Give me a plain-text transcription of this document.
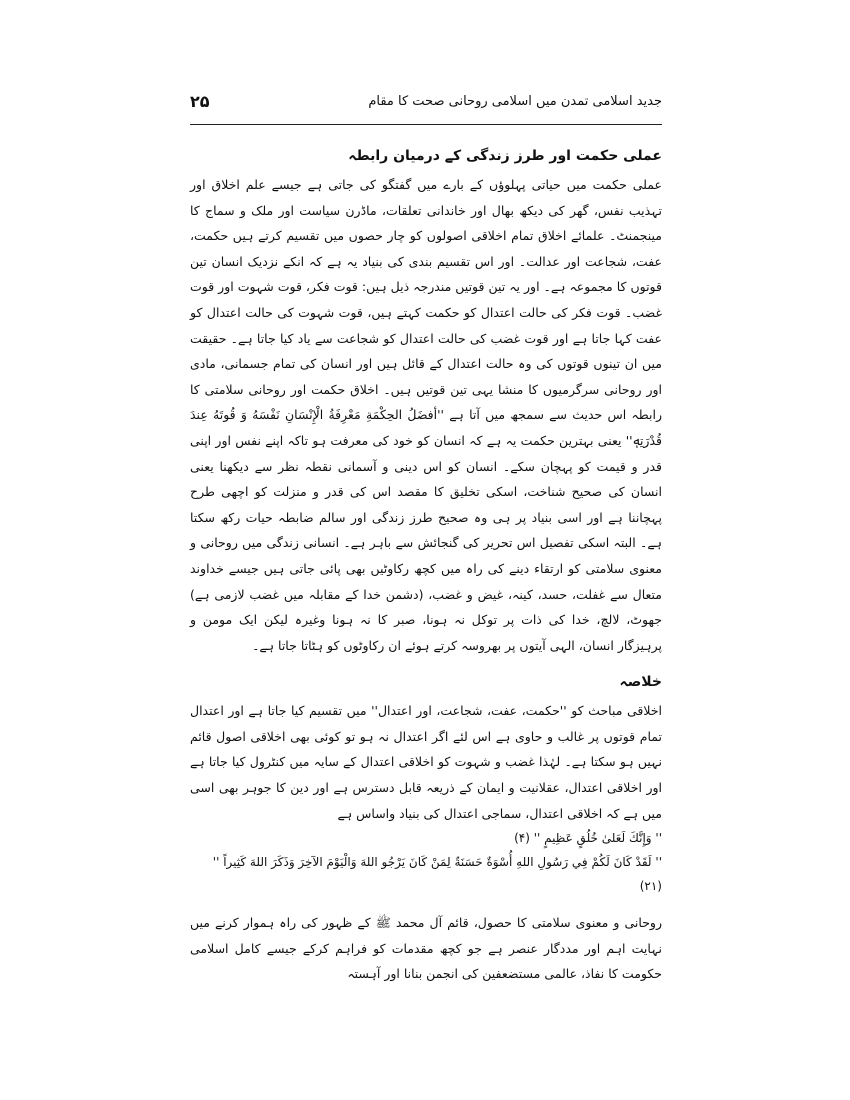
۲۵	جدید اسلامی تمدن میں اسلامی روحانی صحت کا مقام
عملی حکمت اور طرز زندگی کے درمیان رابطہ

عملی حکمت میں حیاتی پہلوؤں کے بارے میں گفتگو کی جاتی ہے جیسے علم اخلاق اور تہذیب نفس، گھر کی دیکھ بھال اور خاندانی تعلقات، ماڈرن سیاست اور ملک و سماج کا مینجمنٹ۔ علمائے اخلاق تمام اخلاقی اصولوں کو چار حصوں میں تقسیم کرتے ہیں حکمت، عفت، شجاعت اور عدالت۔ اور اس تقسیم بندی کی بنیاد یہ ہے کہ انکے نزدیک انسان تین قوتوں کا مجموعہ ہے۔ اور یہ تین قوتیں مندرجہ ذیل ہیں: قوت فکر، قوت شہوت اور قوت غضب۔ قوت فکر کی حالت اعتدال کو حکمت کہتے ہیں، قوت شہوت کی حالت اعتدال کو عفت کہا جاتا ہے اور قوت غضب کی حالت اعتدال کو شجاعت سے یاد کیا جاتا ہے۔ حقیقت میں ان تینوں قوتوں کی وہ حالت اعتدال کے قائل ہیں اور انسان کی تمام جسمانی، مادی اور روحانی سرگرمیوں کا منشا یہی تین قوتیں ہیں۔ اخلاق حکمت اور روحانی سلامتی کا رابطہ اس حدیث سے سمجھ میں آتا ہے ''أفضَلُ الحِكْمَةِ مَعْرِفَةُ الْإِنْسَانِ نَفْسَهُ وَ قُوتَهُ عِندَ قُدْرَتِهٖ'' یعنی بہترین حکمت یہ ہے کہ انسان کو خود کی معرفت ہو تاکہ اپنے نفس اور اپنی قدر و قیمت کو پہچان سکے۔ انسان کو اس دینی و آسمانی نقطہ نظر سے دیکھنا یعنی انسان کی صحیح شناخت، اسکی تخلیق کا مقصد اس کی قدر و منزلت کو اچھی طرح پہچاننا ہے اور اسی بنیاد پر ہی وہ صحیح طرز زندگی اور سالم ضابطہ حیات رکھ سکتا ہے۔ البتہ اسکی تفصیل اس تحریر کی گنجائش سے باہر ہے۔ انسانی زندگی میں روحانی و معنوی سلامتی کو ارتقاء دینے کی راہ میں کچھ رکاوٹیں بھی پائی جاتی ہیں جیسے خداوند متعال سے غفلت، حسد، کینہ، غیض و غضب، (دشمن خدا کے مقابلہ میں غضب لازمی ہے) جھوٹ، لالچ، خدا کی ذات پر توکل نہ ہونا، صبر کا نہ ہونا وغیرہ لیکن ایک مومن و پرہیزگار انسان، الہی آیتوں پر بھروسہ کرتے ہوئے ان رکاوٹوں کو ہٹاتا جاتا ہے۔

خلاصہ

اخلاقی مباحث کو ''حکمت، عفت، شجاعت، اور اعتدال'' میں تقسیم کیا جاتا ہے اور اعتدال تمام قوتوں پر غالب و حاوی ہے اس لئے اگر اعتدال نہ ہو تو کوئی بھی اخلاقی اصول قائم نہیں ہو سکتا ہے۔ لہٰذا غضب و شہوت کو اخلاقی اعتدال کے سایہ میں کنٹرول کیا جاتا ہے اور اخلاقی اعتدال، عقلانیت و ایمان کے ذریعہ قابل دسترس ہے اور دین کا جوہر بھی اسی میں ہے کہ اخلاقی اعتدال، سماجی اعتدال کی بنیاد واساس ہے

'' وَإِنَّكَ لَعَلىٰ خُلُقٍ عَظِيمٍ '' (۴)

'' لَقَدْ كَانَ لَكُمْ فِي رَسُولِ اللهِ أُسْوَةٌ حَسَنَةٌ لِمَنْ كَانَ يَرْجُو اللهَ وَالْيَوْمَ الآخِرَ وَذَكَرَ اللهَ كَثِيراً '' (۲۱)

روحانی و معنوی سلامتی کا حصول، قائم آل محمد ﷺ کے ظہور کی راہ ہموار کرنے میں نہایت اہم اور مددگار عنصر ہے جو کچھ مقدمات کو فراہم کرکے جیسے کامل اسلامی حکومت کا نفاذ، عالمی مستضعفین کی انجمن بنانا اور آہستہ
